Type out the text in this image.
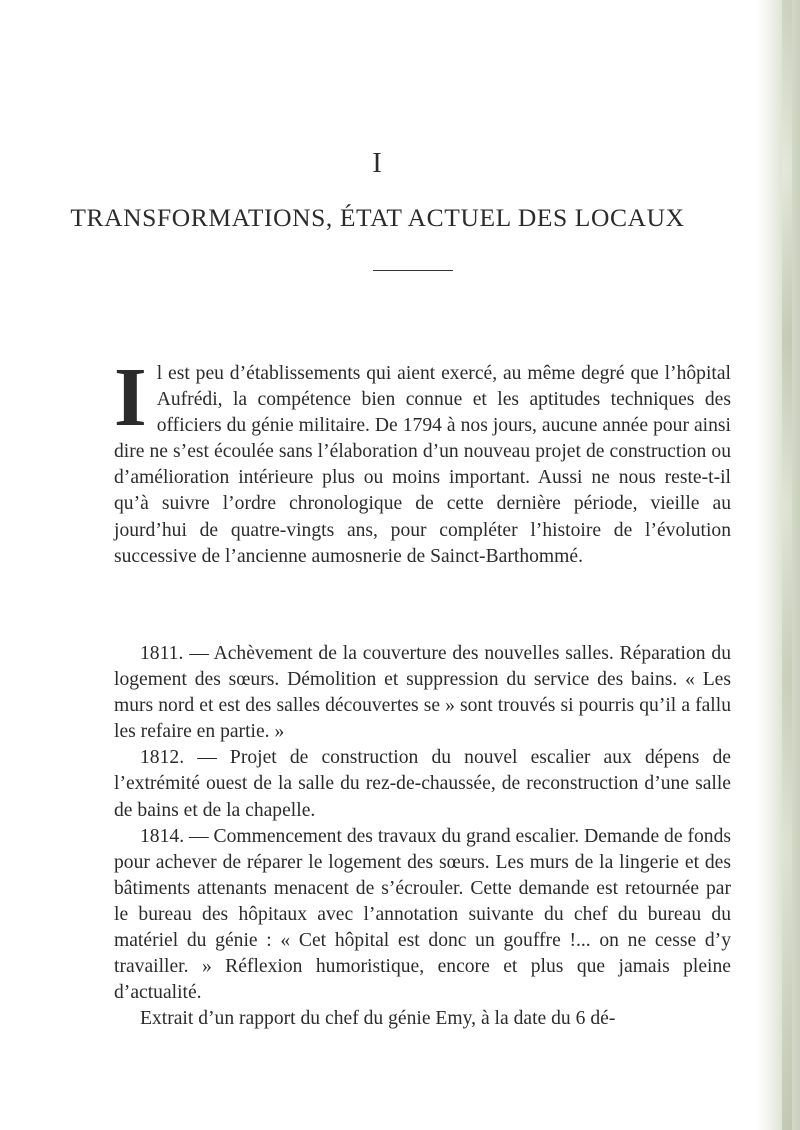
I
TRANSFORMATIONS, ÉTAT ACTUEL DES LOCAUX

I l est peu d’établissements qui aient exercé, au même degré que l’hôpital Aufrédi, la compétence bien connue et les aptitudes techniques des officiers du génie militaire. De 1794 à nos jours, aucune année pour ainsi dire ne s’est écoulée sans l’élaboration d’un nouveau projet de construction ou d’amélioration intérieure plus ou moins important. Aussi ne nous reste-t-il qu’à suivre l’ordre chronologique de cette dernière période, vieille au jourd’hui de quatre-vingts ans, pour compléter l’histoire de l’évolution successive de l’ancienne aumosnerie de Sainct-Barthommé.

1811. — Achèvement de la couverture des nouvelles salles. Réparation du logement des sœurs. Démolition et suppression du service des bains. « Les murs nord et est des salles découvertes se » sont trouvés si pourris qu’il a fallu les refaire en partie. »

1812. — Projet de construction du nouvel escalier aux dépens de l’extrémité ouest de la salle du rez-de-chaussée, de reconstruction d’une salle de bains et de la chapelle.

1814. — Commencement des travaux du grand escalier. Demande de fonds pour achever de réparer le logement des sœurs. Les murs de la lingerie et des bâtiments attenants menacent de s’écrouler. Cette demande est retournée par le bureau des hôpitaux avec l’annotation suivante du chef du bureau du matériel du génie : « Cet hôpital est donc un gouffre !... on ne cesse d’y travailler. » Réflexion humoristique, encore et plus que jamais pleine d’actualité.

Extrait d’un rapport du chef du génie Emy, à la date du 6 dé-
